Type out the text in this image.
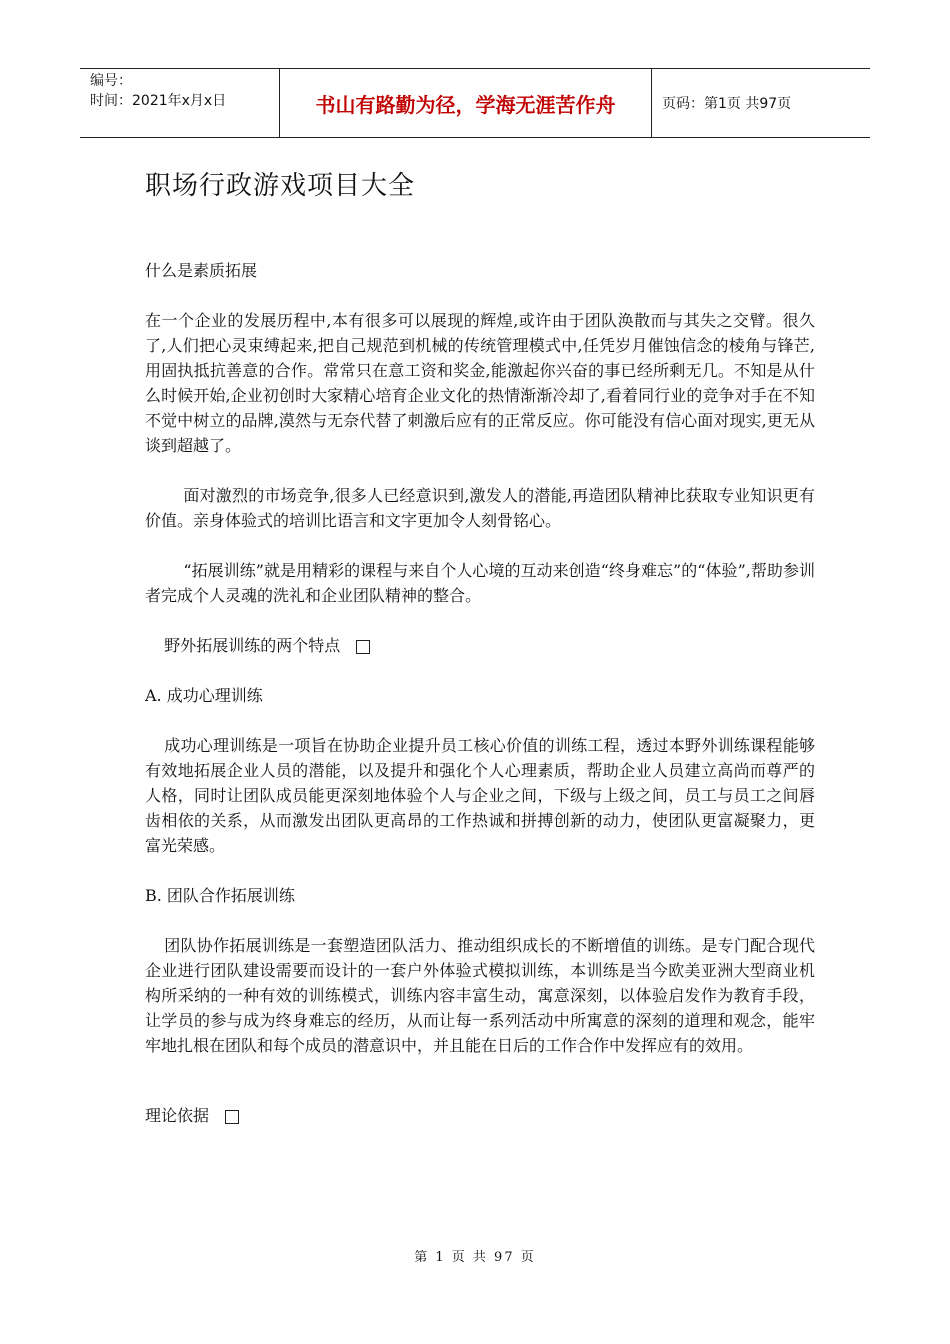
编号：
时间：2021年x月x日	书山有路勤为径，学海无涯苦作舟	页码：第1页 共97页
职场行政游戏项目大全
什么是素质拓展

在一个企业的发展历程中,本有很多可以展现的辉煌,或许由于团队涣散而与其失之交臂。很久了,人们把心灵束缚起来,把自己规范到机械的传统管理模式中,任凭岁月催蚀信念的棱角与锋芒,用固执抵抗善意的合作。常常只在意工资和奖金,能激起你兴奋的事已经所剩无几。不知是从什么时候开始,企业初创时大家精心培育企业文化的热情渐渐冷却了,看着同行业的竞争对手在不知不觉中树立的品牌,漠然与无奈代替了刺激后应有的正常反应。你可能没有信心面对现实,更无从谈到超越了。

面对激烈的市场竞争,很多人已经意识到,激发人的潜能,再造团队精神比获取专业知识更有价值。亲身体验式的培训比语言和文字更加令人刻骨铭心。

“拓展训练”就是用精彩的课程与来自个人心境的互动来创造“终身难忘”的“体验”,帮助参训者完成个人灵魂的洗礼和企业团队精神的整合。

野外拓展训练的两个特点
A. 成功心理训练

成功心理训练是一项旨在协助企业提升员工核心价值的训练工程，透过本野外训练课程能够有效地拓展企业人员的潜能，以及提升和强化个人心理素质，帮助企业人员建立高尚而尊严的人格，同时让团队成员能更深刻地体验个人与企业之间，下级与上级之间，员工与员工之间唇齿相依的关系，从而激发出团队更高昂的工作热诚和拼搏创新的动力，使团队更富凝聚力，更富光荣感。

B. 团队合作拓展训练

团队协作拓展训练是一套塑造团队活力、推动组织成长的不断增值的训练。是专门配合现代企业进行团队建设需要而设计的一套户外体验式模拟训练，本训练是当今欧美亚洲大型商业机构所采纳的一种有效的训练模式，训练内容丰富生动，寓意深刻，以体验启发作为教育手段，让学员的参与成为终身难忘的经历，从而让每一系列活动中所寓意的深刻的道理和观念，能牢牢地扎根在团队和每个成员的潜意识中，并且能在日后的工作合作中发挥应有的效用。

理论依据
第 1 页 共 97 页
